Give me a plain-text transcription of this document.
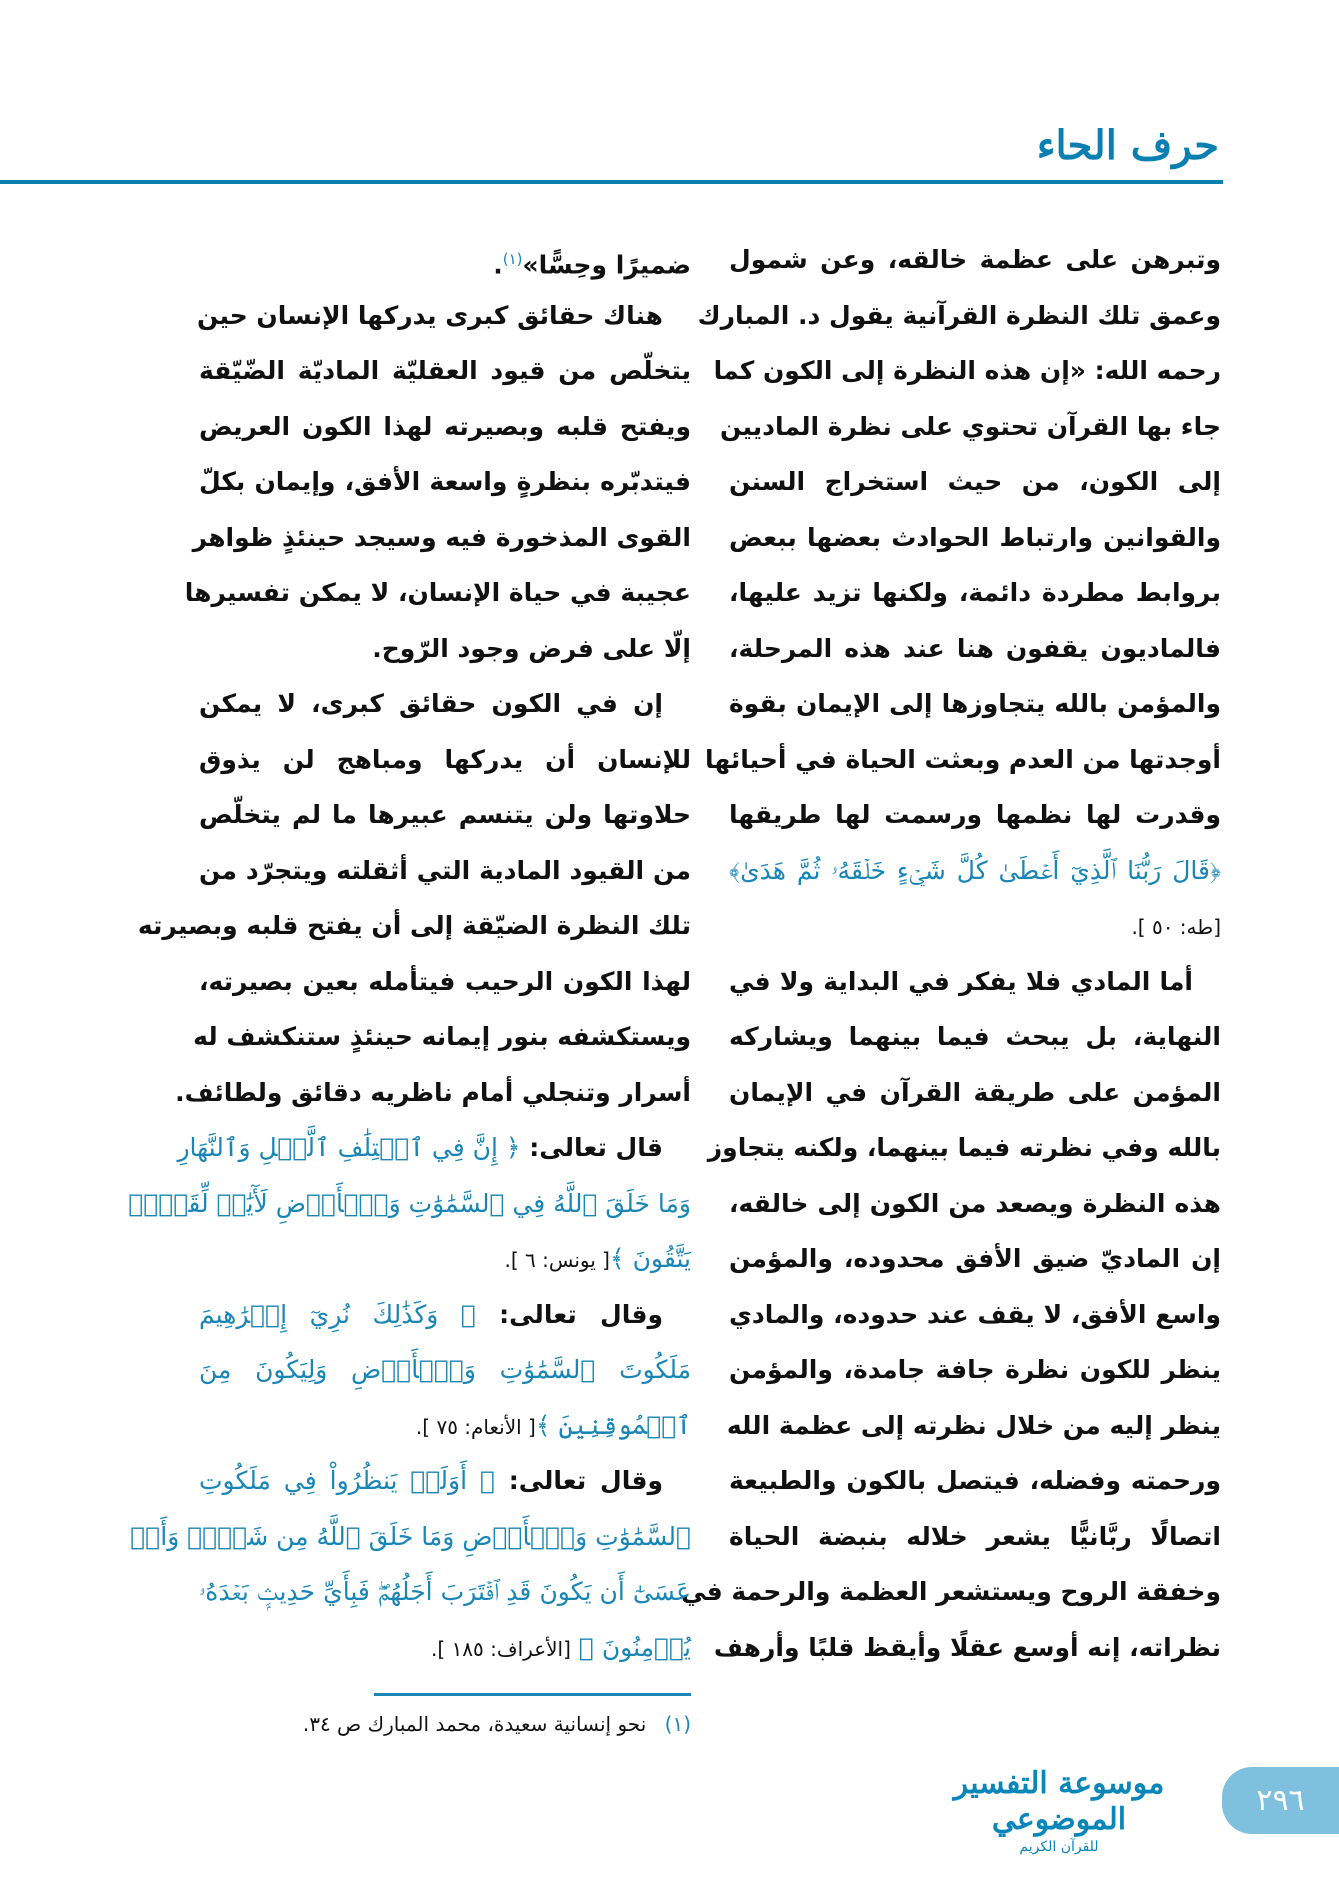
حرف الحاء
وتبرهن على عظمة خالقه، وعن شمول
وعمق تلك النظرة القرآنية يقول د. المبارك
رحمه الله: «إن هذه النظرة إلى الكون كما
جاء بها القرآن تحتوي على نظرة الماديين
إلى الكون، من حيث استخراج السنن
والقوانين وارتباط الحوادث بعضها ببعض
بروابط مطردة دائمة، ولكنها تزيد عليها،
فالماديون يقفون هنا عند هذه المرحلة،
والمؤمن بالله يتجاوزها إلى الإيمان بقوة
أوجدتها من العدم وبعثت الحياة في أحيائها
وقدرت لها نظمها ورسمت لها طريقها
﴿قَالَ رَبُّنَا ٱلَّذِيٓ أَعۡطَىٰ كُلَّ شَيۡءٍ خَلۡقَهُۥ ثُمَّ هَدَىٰ﴾
[طه: ٥٠ ].
أما المادي فلا يفكر في البداية ولا في
النهاية، بل يبحث فيما بينهما ويشاركه
المؤمن على طريقة القرآن في الإيمان
بالله وفي نظرته فيما بينهما، ولكنه يتجاوز
هذه النظرة ويصعد من الكون إلى خالقه،
إن الماديّ ضيق الأفق محدوده، والمؤمن
واسع الأفق، لا يقف عند حدوده، والمادي
ينظر للكون نظرة جافة جامدة، والمؤمن
ينظر إليه من خلال نظرته إلى عظمة الله
ورحمته وفضله، فيتصل بالكون والطبيعة
اتصالًا ربَّانيًّا يشعر خلاله بنبضة الحياة
وخفقة الروح ويستشعر العظمة والرحمة في
نظراته، إنه أوسع عقلًا وأيقظ قلبًا وأرهف
ضميرًا وحِسًّا»$^{(١)}$.
هناك حقائق كبرى يدركها الإنسان حين
يتخلّص من قيود العقليّة الماديّة الضّيّقة
ويفتح قلبه وبصيرته لهذا الكون العريض
فيتدبّره بنظرةٍ واسعة الأفق، وإيمان بكلّ
القوى المذخورة فيه وسيجد حينئذٍ ظواهر
عجيبة في حياة الإنسان، لا يمكن تفسيرها
إلّا على فرض وجود الرّوح.
إن في الكون حقائق كبرى، لا يمكن
للإنسان أن يدركها ومباهج لن يذوق
حلاوتها ولن يتنسم عبيرها ما لم يتخلّص
من القيود المادية التي أثقلته ويتجرّد من
تلك النظرة الضيّقة إلى أن يفتح قلبه وبصيرته
لهذا الكون الرحيب فيتأمله بعين بصيرته،
ويستكشفه بنور إيمانه حينئذٍ ستنكشف له
أسرار وتنجلي أمام ناظريه دقائق ولطائف.
قال تعالى: ﴿ إِنَّ فِي ٱخۡتِلَٰفِ ٱلَّيۡلِ وَٱلنَّهَارِ
وَمَا خَلَقَ ٱللَّهُ فِي ٱلسَّمَٰوَٰتِ وَٱلۡأَرۡضِ لَأٓيَٰتٖ لِّقَوۡمٖ
يَتَّقُونَ ﴾[ يونس: ٦ ].
وقال تعالى: ﴿ وَكَذَٰلِكَ نُرِيٓ إِبۡرَٰهِيمَ
مَلَكُوتَ ٱلسَّمَٰوَٰتِ وَٱلۡأَرۡضِ وَلِيَكُونَ مِنَ
ٱلۡمُوقِنِينَ ﴾[ الأنعام: ٧٥ ].
وقال تعالى: ﴿ أَوَلَمۡ يَنظُرُواْ فِي مَلَكُوتِ
ٱلسَّمَٰوَٰتِ وَٱلۡأَرۡضِ وَمَا خَلَقَ ٱللَّهُ مِن شَيۡءٖ وَأَنۡ
عَسَىٰٓ أَن يَكُونَ قَدِ ٱقۡتَرَبَ أَجَلُهُمۡۖ فَبِأَيِّ حَدِيثِۭ بَعۡدَهُۥ
يُؤۡمِنُونَ ﴾ [الأعراف: ١٨٥ ].
(١) نحو إنسانية سعيدة، محمد المبارك ص ٣٤.
موسوعة التفسير الموضوعي
للقرآن الكريم
٢٩٦
